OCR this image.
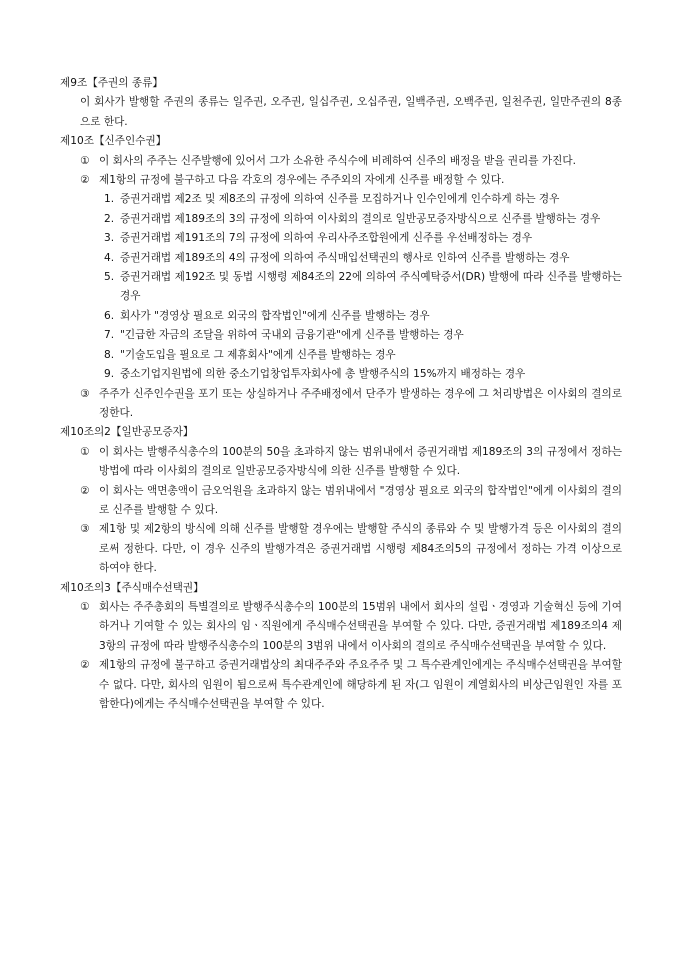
제9조【주권의 종류】
이 회사가 발행할 주권의 종류는 일주권, 오주권, 일십주권, 오십주권, 일백주권, 오백주권, 일천주권, 일만주권의 8종으로 한다.
제10조【신주인수권】
① 이 회사의 주주는 신주발행에 있어서 그가 소유한 주식수에 비례하여 신주의 배정을 받을 권리를 가진다.
② 제1항의 규정에 불구하고 다음 각호의 경우에는 주주외의 자에게 신주를 배정할 수 있다.
1. 증권거래법 제2조 및 제8조의 규정에 의하여 신주를 모집하거나 인수인에게 인수하게 하는 경우
2. 증권거래법 제189조의 3의 규정에 의하여 이사회의 결의로 일반공모증자방식으로 신주를 발행하는 경우
3. 증권거래법 제191조의 7의 규정에 의하여 우리사주조합원에게 신주를 우선배정하는 경우
4. 증권거래법 제189조의 4의 규정에 의하여 주식매입선택권의 행사로 인하여 신주를 발행하는 경우
5. 증권거래법 제192조 및 동법 시행령 제84조의 22에 의하여 주식예탁증서(DR) 발행에 따라 신주를 발행하는 경우
6. 회사가 "경영상 필요로 외국의 합작법인"에게 신주를 발행하는 경우
7. "긴급한 자금의 조달을 위하여 국내외 금융기관"에게 신주를 발행하는 경우
8. "기술도입을 필요로 그 제휴회사"에게 신주를 발행하는 경우
9. 중소기업지원법에 의한 중소기업창업투자회사에 총 발행주식의 15%까지 배정하는 경우
③ 주주가 신주인수권을 포기 또는 상실하거나 주주배정에서 단주가 발생하는 경우에 그 처리방법은 이사회의 결의로 정한다.
제10조의2【일반공모증자】
① 이 회사는 발행주식총수의 100분의 50을 초과하지 않는 범위내에서 증권거래법 제189조의 3의 규정에서 정하는 방법에 따라 이사회의 결의로 일반공모증자방식에 의한 신주를 발행할 수 있다.
② 이 회사는 액면총액이 금오억원을 초과하지 않는 범위내에서 "경영상 필요로 외국의 합작법인"에게 이사회의 결의로 신주를 발행할 수 있다.
③ 제1항 및 제2항의 방식에 의해 신주를 발행할 경우에는 발행할 주식의 종류와 수 및 발행가격 등은 이사회의 결의로써 정한다. 다만, 이 경우 신주의 발행가격은 증권거래법 시행령 제84조의5의 규정에서 정하는 가격 이상으로 하여야 한다.
제10조의3【주식매수선택권】
① 회사는 주주총회의 특별결의로 발행주식총수의 100분의 15범위 내에서 회사의 설립ㆍ경영과 기술혁신 등에 기여하거나 기여할 수 있는 회사의 임ㆍ직원에게 주식매수선택권을 부여할 수 있다. 다만, 증권거래법 제189조의4 제3항의 규정에 따라 발행주식총수의 100분의 3범위 내에서 이사회의 결의로 주식매수선택권을 부여할 수 있다.
② 제1항의 규정에 불구하고 증권거래법상의 최대주주와 주요주주 및 그 특수관계인에게는 주식매수선택권을 부여할 수 없다. 다만, 회사의 임원이 됨으로써 특수관계인에 해당하게 된 자(그 임원이 계열회사의 비상근임원인 자를 포함한다)에게는 주식매수선택권을 부여할 수 있다.
